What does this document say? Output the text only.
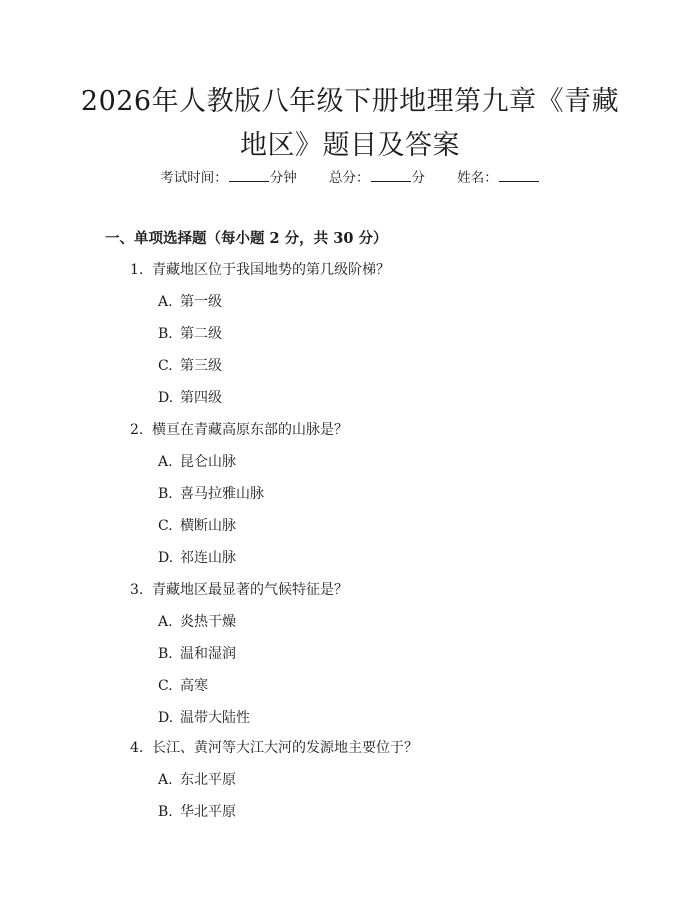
2026年人教版八年级下册地理第九章《青藏
地区》题目及答案
考试时间：	分钟 总分：	分 姓名：
一、单项选择题（每小题 2 分，共 30 分）
1. 青藏地区位于我国地势的第几级阶梯？
A. 第一级
B. 第二级
C. 第三级
D. 第四级
2. 横亘在青藏高原东部的山脉是？
A. 昆仑山脉
B. 喜马拉雅山脉
C. 横断山脉
D. 祁连山脉
3. 青藏地区最显著的气候特征是？
A. 炎热干燥
B. 温和湿润
C. 高寒
D. 温带大陆性
4. 长江、黄河等大江大河的发源地主要位于？
A. 东北平原
B. 华北平原
